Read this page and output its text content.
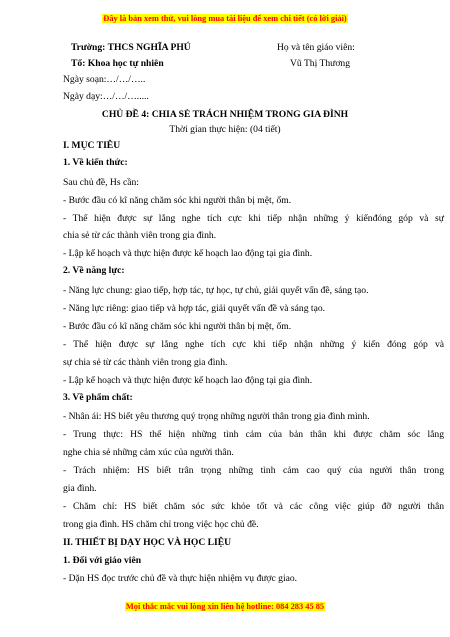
Đây là bản xem thử, vui lòng mua tài liệu để xem chi tiết (có lời giải)
Trường: THCS NGHĨA PHÚ	Họ và tên giáo viên:
Tổ: Khoa học tự nhiên	Vũ Thị Thương
Ngày soạn:…/…/…..
Ngày dạy:…/…/….....
CHỦ ĐỀ 4: CHIA SẺ TRÁCH NHIỆM TRONG GIA ĐÌNH
Thời gian thực hiện: (04 tiết)
I. MỤC TIÊU
1. Về kiến thức:
Sau chủ đề, Hs cần:
- Bước đầu có kĩ năng chăm sóc khi người thân bị mệt, ốm.
- Thể hiện được sự lắng nghe tích cực khi tiếp nhận những ý kiếnđóng góp và sự
chia sẻ từ các thành viên trong gia đình.
- Lập kế hoạch và thực hiện được kế hoạch lao động tại gia đình.
2. Về năng lực:
- Năng lực chung: giao tiếp, hợp tác, tự học, tự chủ, giải quyết vấn đề, sáng tạo.
- Năng lực riêng: giao tiếp và hợp tác, giải quyết vấn đề và sáng tạo.
- Bước đầu có kĩ năng chăm sóc khi người thân bị mệt, ốm.
- Thể hiện được sự lắng nghe tích cực khi tiếp nhận những ý kiến đóng góp và
sự chia sẻ từ các thành viên trong gia đình.
- Lập kế hoạch và thực hiện được kế hoạch lao động tại gia đình.
3. Về phẩm chất:
- Nhân ái: HS biết yêu thương quý trọng những người thân trong gia đình mình.
- Trung thực: HS thể hiện những tình cảm của bản thân khi được chăm sóc lắng
nghe chia sẻ những cảm xúc của người thân.
- Trách nhiệm: HS biết trân trọng những tình cảm cao quý của người thân trong
gia đình.
- Chăm chỉ: HS biết chăm sóc sức khỏe tốt và các công việc giúp đỡ người thân
trong gia đình. HS chăm chỉ trong việc học chủ đề.
II. THIẾT BỊ DẠY HỌC VÀ HỌC LIỆU
1. Đối với giáo viên
- Dặn HS đọc trước chủ đề và thực hiện nhiệm vụ được giao.
Mọi thắc mắc vui lòng xin liên hệ hotline: 084 283 45 85
